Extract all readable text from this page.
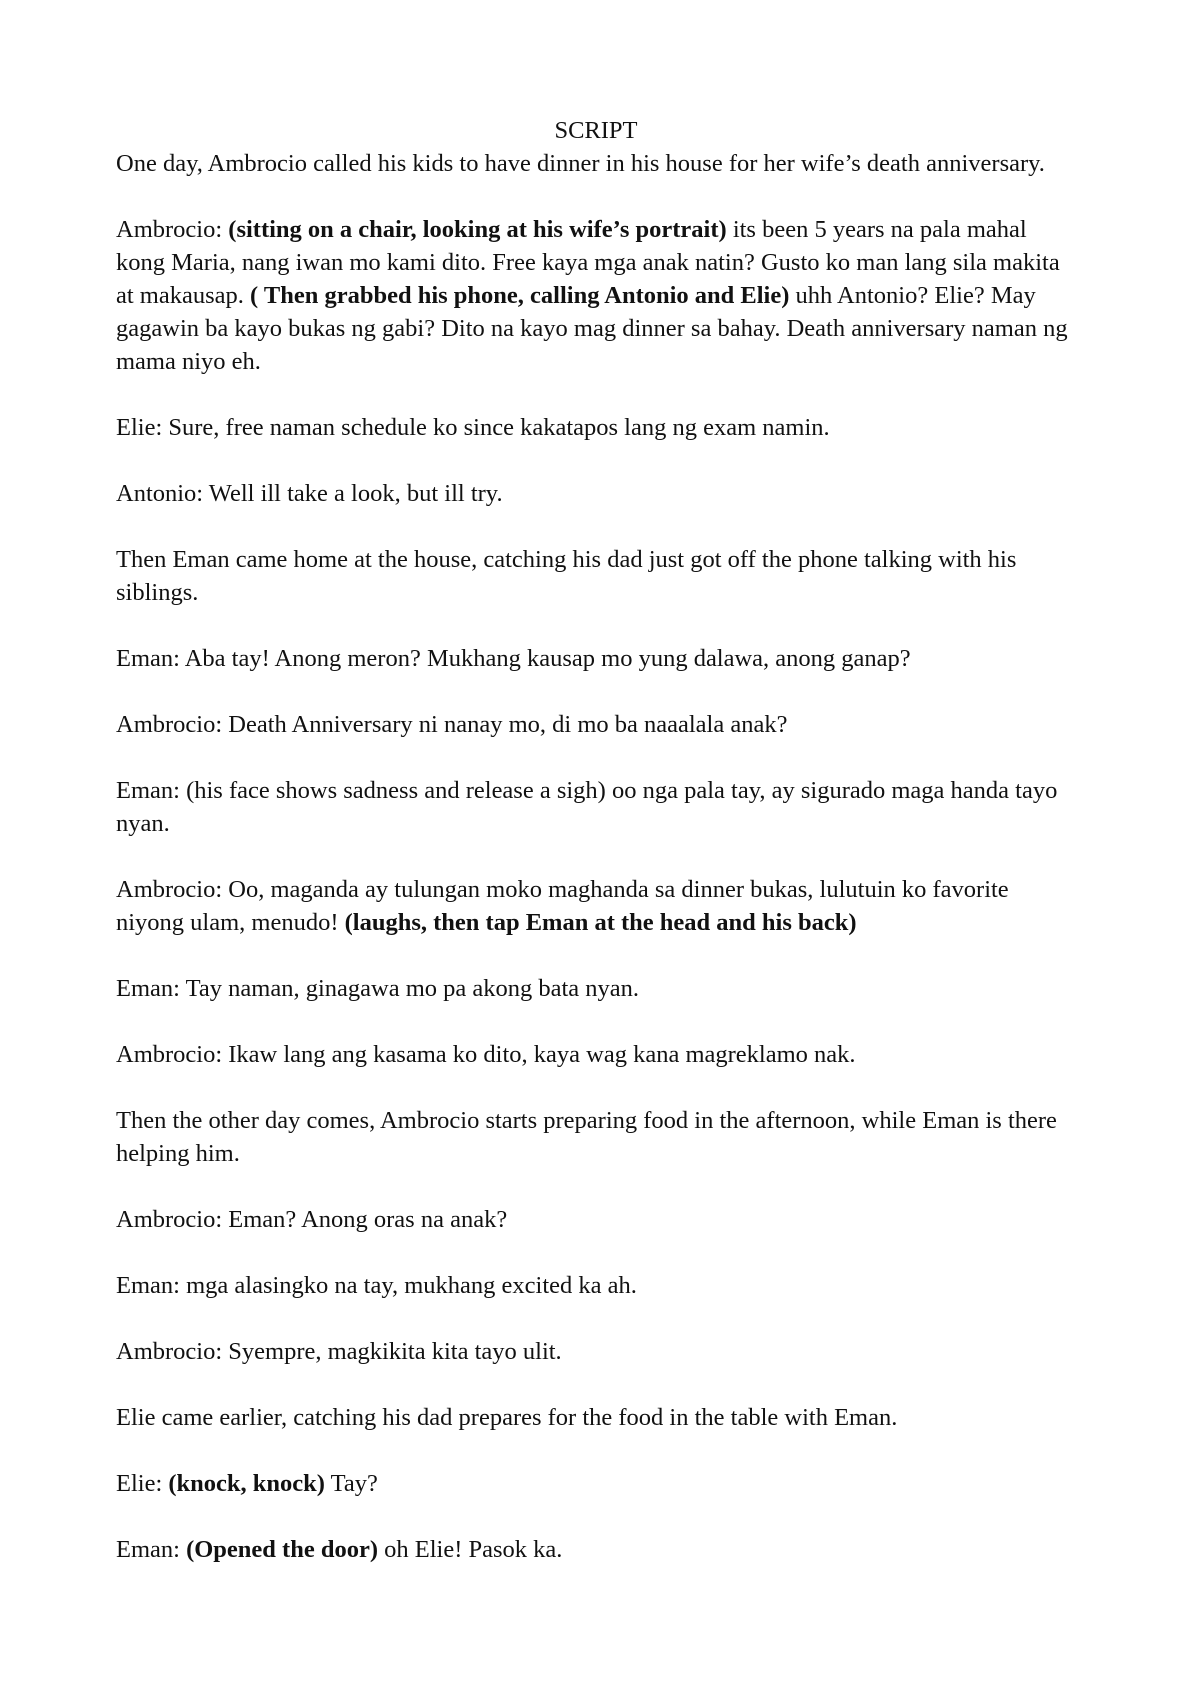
SCRIPT

One day, Ambrocio called his kids to have dinner in his house for her wife’s death anniversary.

Ambrocio: (sitting on a chair, looking at his wife’s portrait) its been 5 years na pala mahal kong Maria, nang iwan mo kami dito. Free kaya mga anak natin? Gusto ko man lang sila makita at makausap. ( Then grabbed his phone, calling Antonio and Elie) uhh Antonio? Elie? May gagawin ba kayo bukas ng gabi? Dito na kayo mag dinner sa bahay. Death anniversary naman ng mama niyo eh.

Elie: Sure, free naman schedule ko since kakatapos lang ng exam namin.

Antonio: Well ill take a look, but ill try.

Then Eman came home at the house, catching his dad just got off the phone talking with his siblings.

Eman: Aba tay! Anong meron? Mukhang kausap mo yung dalawa, anong ganap?

Ambrocio: Death Anniversary ni nanay mo, di mo ba naaalala anak?

Eman: (his face shows sadness and release a sigh) oo nga pala tay, ay sigurado maga handa tayo nyan.

Ambrocio: Oo, maganda ay tulungan moko maghanda sa dinner bukas, lulutuin ko favorite niyong ulam, menudo! (laughs, then tap Eman at the head and his back)

Eman: Tay naman, ginagawa mo pa akong bata nyan.

Ambrocio: Ikaw lang ang kasama ko dito, kaya wag kana magreklamo nak.

Then the other day comes, Ambrocio starts preparing food in the afternoon, while Eman is there helping him.

Ambrocio: Eman? Anong oras na anak?

Eman: mga alasingko na tay, mukhang excited ka ah.

Ambrocio: Syempre, magkikita kita tayo ulit.

Elie came earlier, catching his dad prepares for the food in the table with Eman.

Elie: (knock, knock) Tay?

Eman: (Opened the door) oh Elie! Pasok ka.
